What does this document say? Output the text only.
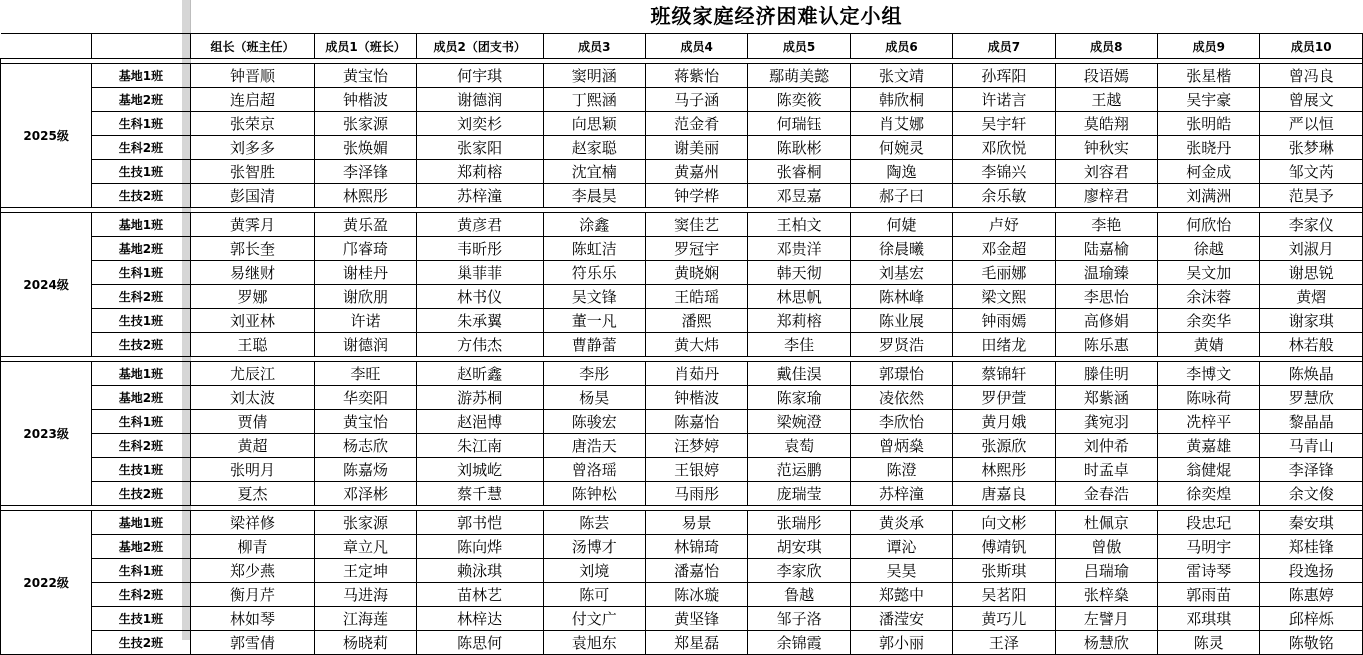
班级家庭经济困难认定小组
		组长（班主任）	成员1（班长）	成员2（团支书）	成员3	成员4	成员5	成员6	成员7	成员8	成员9	成员10

2025级	基地1班	钟晋顺	黄宝怡	何宇琪	窦明涵	蒋紫怡	鄢萌美懿	张文靖	孙珲阳	段语嫣	张星楷	曾冯良
	基地2班	连启超	钟楷波	谢德润	丁熙涵	马子涵	陈奕筱	韩欣桐	许诺言	王越	吴宇豪	曾展文
	生科1班	张荣京	张家源	刘奕杉	向思颖	范金肴	何瑞钰	肖艾娜	吴宇轩	莫皓翔	张明皓	严以恒
	生科2班	刘多多	张焕媚	张家阳	赵家聪	谢美丽	陈耿彬	何婉灵	邓欣悦	钟秋实	张晓丹	张梦琳
	生技1班	张智胜	李泽锋	郑莉榕	沈宜楠	黄嘉州	张睿桐	陶逸	李锦兴	刘容君	柯金成	邹文芮
	生技2班	彭国清	林熙彤	苏梓潼	李晨昊	钟学桦	邓昱嘉	郝子曰	余乐敏	廖梓君	刘满洲	范昊予

2024级	基地1班	黄霁月	黄乐盈	黄彦君	涂鑫	窦佳艺	王柏文	何婕	卢妤	李艳	何欣怡	李家仪
	基地2班	郭长奎	邝睿琦	韦昕彤	陈虹洁	罗冠宇	邓贵洋	徐晨曦	邓金超	陆嘉榆	徐越	刘淑月
	生科1班	易继财	谢桂丹	巢菲菲	符乐乐	黄晓娴	韩天彻	刘基宏	毛丽娜	温瑜臻	吴文加	谢思锐
	生科2班	罗娜	谢欣朋	林书仪	吴文锋	王皓瑶	林思帆	陈林峰	梁文熙	李思怡	余沫蓉	黄熠
	生技1班	刘亚林	许诺	朱承翼	董一凡	潘熙	郑莉榕	陈业展	钟雨嫣	高修娟	余奕华	谢家琪
	生技2班	王聪	谢德润	方伟杰	曹静蕾	黄大炜	李佳	罗贤浩	田绪龙	陈乐惠	黄婧	林若般

2023级	基地1班	尤辰江	李旺	赵昕鑫	李彤	肖茹丹	戴佳淏	郭璟怡	蔡锦轩	滕佳明	李博文	陈焕晶
	基地2班	刘太波	华奕阳	游苏桐	杨昊	钟楷波	陈家瑜	凌依然	罗伊萱	郑紫涵	陈咏荷	罗慧欣
	生科1班	贾倩	黄宝怡	赵浥博	陈骏宏	陈嘉怡	梁婉澄	李欣怡	黄月娥	龚宛羽	冼梓平	黎晶晶
	生科2班	黄超	杨志欣	朱江南	唐浩天	汪梦婷	袁萄	曾炳燊	张源欣	刘仲希	黄嘉雄	马青山
	生技1班	张明月	陈嘉炀	刘城屹	曾洛瑶	王银婷	范运鹏	陈澄	林熙彤	时孟卓	翁健焜	李泽锋
	生技2班	夏杰	邓泽彬	蔡千慧	陈钟松	马雨彤	庞瑞莹	苏梓潼	唐嘉良	金春浩	徐奕煌	余文俊

2022级	基地1班	梁祥修	张家源	郭书恺	陈芸	易景	张瑞彤	黄炎承	向文彬	杜佩京	段忠玘	秦安琪
	基地2班	柳青	章立凡	陈向烨	汤博才	林锦琦	胡安琪	谭沁	傅靖钒	曾傲	马明宇	郑桂锋
	生科1班	郑少燕	王定坤	赖泳琪	刘境	潘嘉怡	李家欣	吴昊	张斯琪	吕瑞瑜	雷诗琴	段逸扬
	生科2班	衡月芹	马进海	苗林艺	陈可	陈冰璇	鲁越	郑懿中	吴茗阳	张梓燊	郭雨苗	陈惠婷
	生技1班	林如琴	江海莲	林梓达	付文广	黄坚锋	邹子洛	潘滢安	黄巧儿	左譬月	邓琪琪	邱梓烁
	生技2班	郭雪倩	杨晓莉	陈思何	袁旭东	郑星磊	余锦霞	郭小丽	王泽	杨慧欣	陈灵	陈敬铭
